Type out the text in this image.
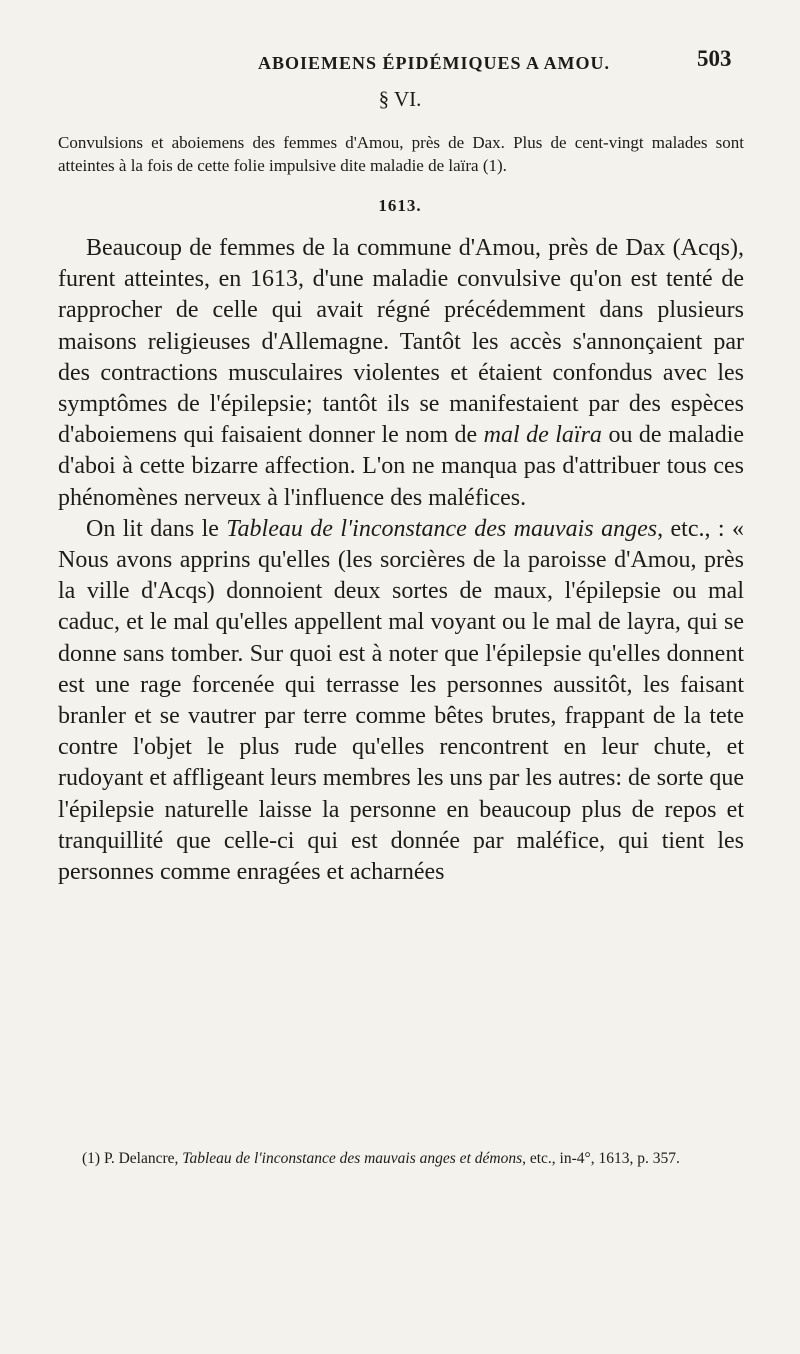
ABOIEMENS ÉPIDÉMIQUES A AMOU.	503
§ VI.
Convulsions et aboiemens des femmes d'Amou, près de Dax. Plus de cent-vingt malades sont atteintes à la fois de cette folie impulsive dite maladie de laïra (1).
1613.

Beaucoup de femmes de la commune d'Amou, près de Dax (Acqs), furent atteintes, en 1613, d'une maladie convulsive qu'on est tenté de rapprocher de celle qui avait régné précédemment dans plusieurs maisons religieuses d'Allemagne. Tantôt les accès s'annonçaient par des contractions musculaires violentes et étaient confondus avec les symptômes de l'épilepsie; tantôt ils se manifestaient par des espèces d'aboiemens qui faisaient donner le nom de mal de laïra ou de maladie d'aboi à cette bizarre affection. L'on ne manqua pas d'attribuer tous ces phénomènes nerveux à l'influence des maléfices.

On lit dans le Tableau de l'inconstance des mauvais anges, etc., : « Nous avons apprins qu'elles (les sorcières de la paroisse d'Amou, près la ville d'Acqs) donnoient deux sortes de maux, l'épilepsie ou mal caduc, et le mal qu'elles appellent mal voyant ou le mal de layra, qui se donne sans tomber. Sur quoi est à noter que l'épilepsie qu'elles donnent est une rage forcenée qui terrasse les personnes aussitôt, les faisant branler et se vautrer par terre comme bêtes brutes, frappant de la tete contre l'objet le plus rude qu'elles rencontrent en leur chute, et rudoyant et affligeant leurs membres les uns par les autres: de sorte que l'épilepsie naturelle laisse la personne en beaucoup plus de repos et tranquillité que celle-ci qui est donnée par maléfice, qui tient les personnes comme enragées et acharnées

(1) P. Delancre, Tableau de l'inconstance des mauvais anges et démons, etc., in-4°, 1613, p. 357.
